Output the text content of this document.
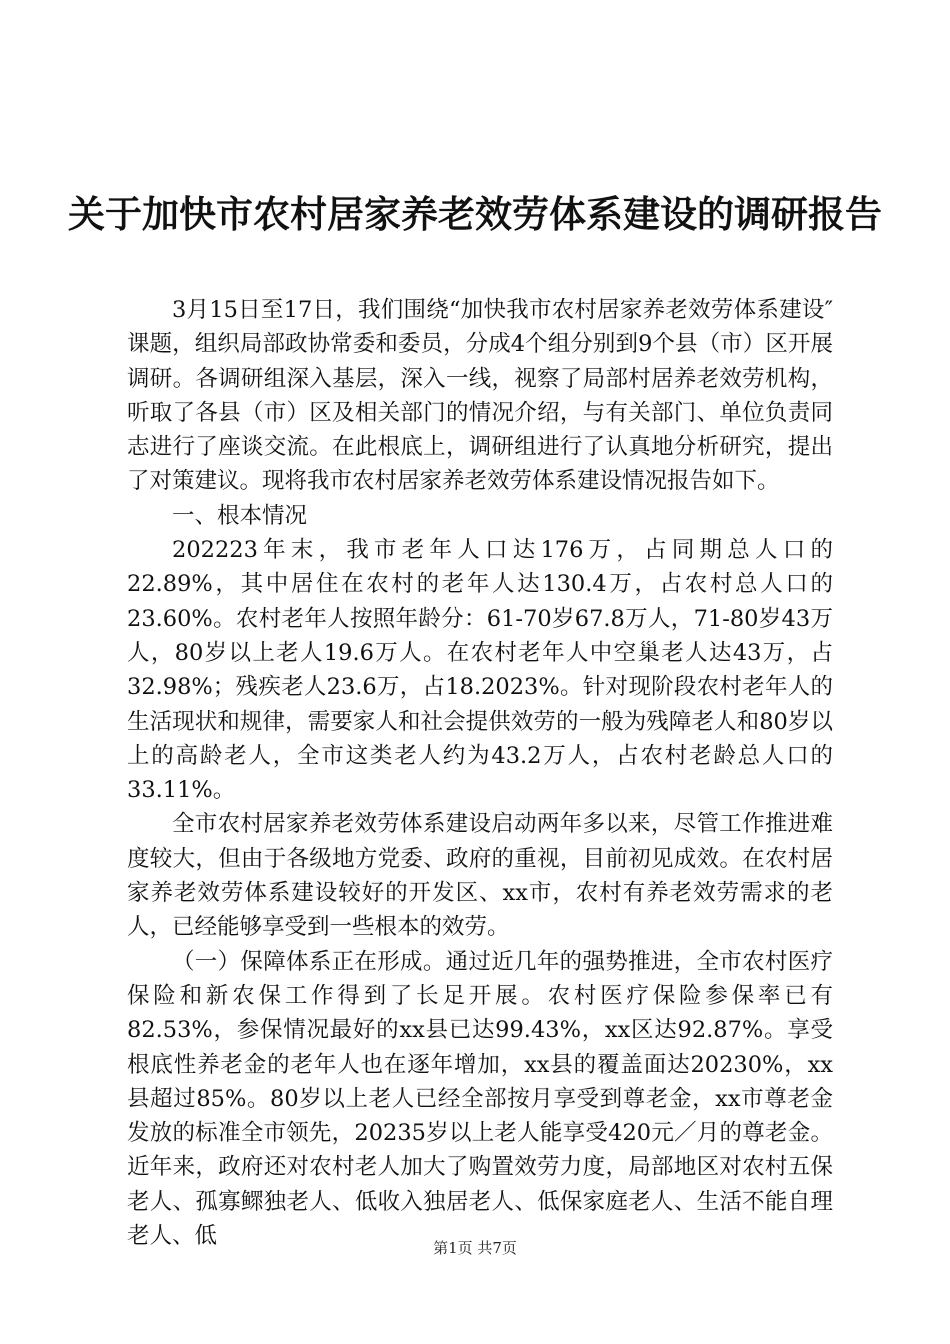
关于加快市农村居家养老效劳体系建设的调研报告

3月15日至17日，我们围绕“加快我市农村居家养老效劳体系建设″课题，组织局部政协常委和委员，分成4个组分别到9个县（市）区开展调研。各调研组深入基层，深入一线，视察了局部村居养老效劳机构，听取了各县（市）区及相关部门的情况介绍，与有关部门、单位负责同志进行了座谈交流。在此根底上，调研组进行了认真地分析研究，提出了对策建议。现将我市农村居家养老效劳体系建设情况报告如下。

一、根本情况

202223年末，我市老年人口达176万，占同期总人口的22.89%，其中居住在农村的老年人达130.4万，占农村总人口的23.60%。农村老年人按照年龄分：61-70岁67.8万人，71-80岁43万人，80岁以上老人19.6万人。在农村老年人中空巢老人达43万，占32.98%；残疾老人23.6万，占18.2023%。针对现阶段农村老年人的生活现状和规律，需要家人和社会提供效劳的一般为残障老人和80岁以上的高龄老人，全市这类老人约为43.2万人，占农村老龄总人口的33.11%。

全市农村居家养老效劳体系建设启动两年多以来，尽管工作推进难度较大，但由于各级地方党委、政府的重视，目前初见成效。在农村居家养老效劳体系建设较好的开发区、xx市，农村有养老效劳需求的老人，已经能够享受到一些根本的效劳。

（一）保障体系正在形成。通过近几年的强势推进，全市农村医疗保险和新农保工作得到了长足开展。农村医疗保险参保率已有82.53%，参保情况最好的xx县已达99.43%，xx区达92.87%。享受根底性养老金的老年人也在逐年增加，xx县的覆盖面达20230%，xx县超过85%。80岁以上老人已经全部按月享受到尊老金，xx市尊老金发放的标准全市领先，20235岁以上老人能享受420元／月的尊老金。近年来，政府还对农村老人加大了购置效劳力度，局部地区对农村五保老人、孤寡鳏独老人、低收入独居老人、低保家庭老人、生活不能自理老人、低	第1页 共7页
